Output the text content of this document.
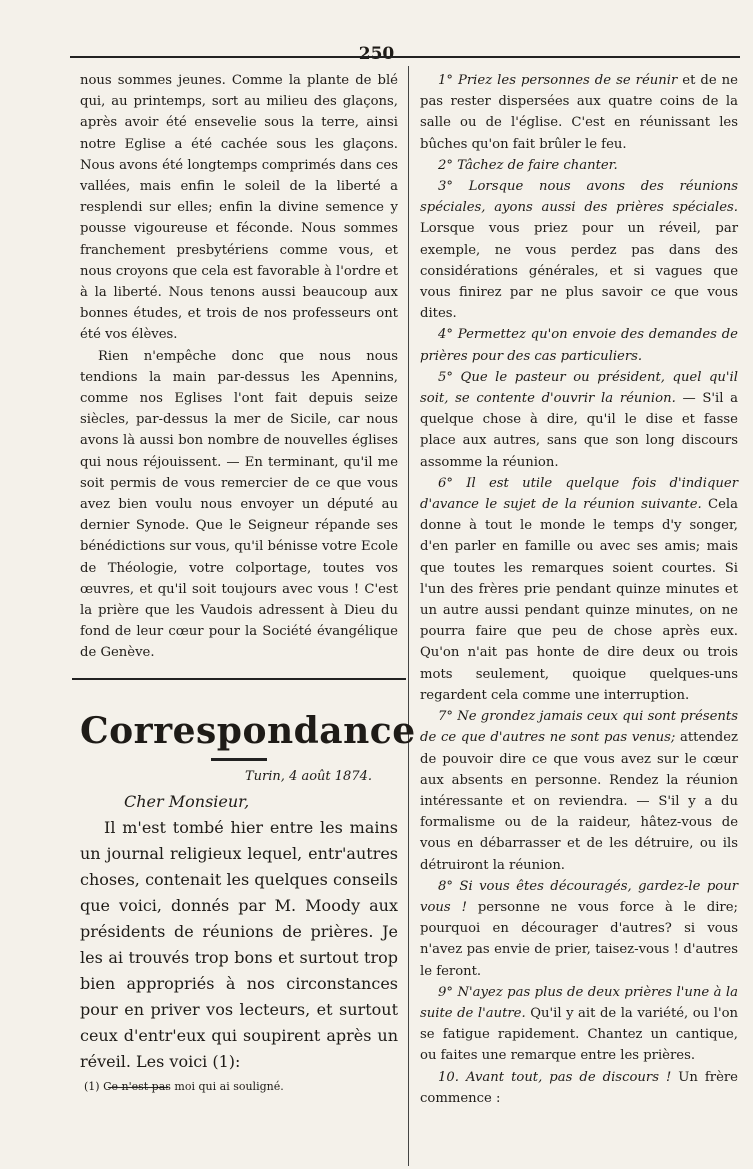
250

nous sommes jeunes. Comme la plante de blé qui, au printemps, sort au milieu des glaçons, après avoir été ensevelie sous la terre, ainsi notre Eglise a été cachée sous les glaçons. Nous avons été longtemps comprimés dans ces vallées, mais enfin le soleil de la liberté a resplendi sur elles; enfin la divine semence y pousse vigoureuse et féconde. Nous sommes franchement presbytériens comme vous, et nous croyons que cela est favorable à l'ordre et à la liberté. Nous tenons aussi beaucoup aux bonnes études, et trois de nos professeurs ont été vos élèves.

Rien n'empêche donc que nous nous tendions la main par-dessus les Apennins, comme nos Eglises l'ont fait depuis seize siècles, par-dessus la mer de Sicile, car nous avons là aussi bon nombre de nouvelles églises qui nous réjouissent. — En terminant, qu'il me soit permis de vous remercier de ce que vous avez bien voulu nous envoyer un député au dernier Synode. Que le Seigneur répande ses bénédictions sur vous, qu'il bénisse votre Ecole de Théologie, votre colportage, toutes vos œuvres, et qu'il soit toujours avec vous ! C'est la prière que les Vaudois adressent à Dieu du fond de leur cœur pour la Société évangélique de Genève.

Correspondance
Turin, 4 août 1874.
Cher Monsieur,

Il m'est tombé hier entre les mains un journal religieux lequel, entr'autres choses, contenait les quelques conseils que voici, donnés par M. Moody aux présidents de réunions de prières. Je les ai trouvés trop bons et surtout trop bien appropriés à nos circonstances pour en priver vos lecteurs, et surtout ceux d'entr'eux qui soupirent après un réveil. Les voici (1):

(1) Ce n'est pas moi qui ai souligné.

1° Priez les personnes de se réunir et de ne pas rester dispersées aux quatre coins de la salle ou de l'église. C'est en réunissant les bûches qu'on fait brûler le feu.

2° Tâchez de faire chanter.

3° Lorsque nous avons des réunions spéciales, ayons aussi des prières spéciales. Lorsque vous priez pour un réveil, par exemple, ne vous perdez pas dans des considérations générales, et si vagues que vous finirez par ne plus savoir ce que vous dites.

4° Permettez qu'on envoie des demandes de prières pour des cas particuliers.

5° Que le pasteur ou président, quel qu'il soit, se contente d'ouvrir la réunion. — S'il a quelque chose à dire, qu'il le dise et fasse place aux autres, sans que son long discours assomme la réunion.

6° Il est utile quelque fois d'indiquer d'avance le sujet de la réunion suivante. Cela donne à tout le monde le temps d'y songer, d'en parler en famille ou avec ses amis; mais que toutes les remarques soient courtes. Si l'un des frères prie pendant quinze minutes et un autre aussi pendant quinze minutes, on ne pourra faire que peu de chose après eux. Qu'on n'ait pas honte de dire deux ou trois mots seulement, quoique quelques-uns regardent cela comme une interruption.

7° Ne grondez jamais ceux qui sont présents de ce que d'autres ne sont pas venus; attendez de pouvoir dire ce que vous avez sur le cœur aux absents en personne. Rendez la réunion intéressante et on reviendra. — S'il y a du formalisme ou de la raideur, hâtez-vous de vous en débarrasser et de les détruire, ou ils détruiront la réunion.

8° Si vous êtes découragés, gardez-le pour vous ! personne ne vous force à le dire; pourquoi en décourager d'autres? si vous n'avez pas envie de prier, taisez-vous ! d'autres le feront.

9° N'ayez pas plus de deux prières l'une à la suite de l'autre. Qu'il y ait de la variété, ou l'on se fatigue rapidement. Chantez un cantique, ou faites une remarque entre les prières.

10. Avant tout, pas de discours ! Un frère commence :
